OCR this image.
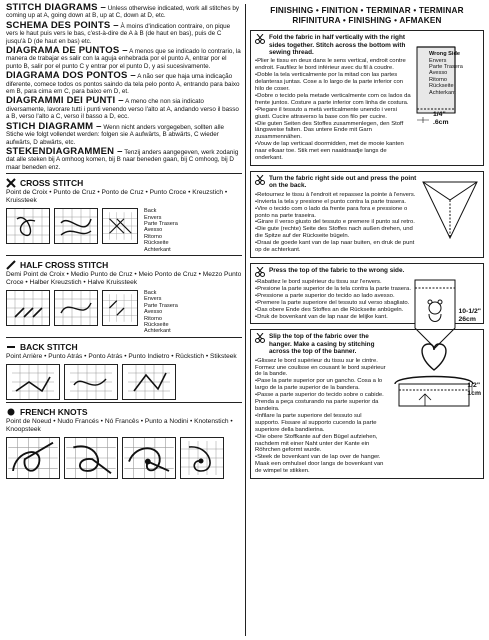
STITCH DIAGRAMS – Unless otherwise indicated, work all stitches by coming up at A, going down at B, up at C, down at D, etc.
SCHEMA DES POINTS – À moins d'indication contraire, on pique vers le haut puis vers le bas, c'est-à-dire de A à B (de haut en bas), puis de C jusqu'à D (de haut en bas) etc.
DIAGRAMA DE PUNTOS – A menos que se indicado lo contrario, la manera de trabajar es salir con la aguja enhebrada por el punto A, entrar por el punto B, salir por el punto C y entrar por el punto D, y asi sucesivamente.
DIAGRAMA DOS PONTOS – A não ser que haja uma indicação diferente, comece todos os pontos saindo da tela pelo ponto A, entrando para baixo em B, para cima em C, para baixo em D, et.
DIAGRAMMI DEI PUNTI – A meno che non sia indicato diversamente, lavorare tutti i punti venendo verso l'alto at A, andando verso il basso a B, verso l'alto a C, verso il basso a D, ecc.
STICH DIAGRAMM – Wenn nicht anders vorgegeben, sollten alle Stiche wie folgt vollendet werden: folgen sie A aufwärts, B abwärts, C wieder aufwärts, D abwärts, etc.
STEKENDIAGRAMMEN – Tenzij anders aangegeven, werk zodanig dat alle steken bij A omhoog komen, bij B naar beneden gaan, bij C omhoog, bij D maar beneden enz.
CROSS STITCH
Point de Croix • Punto de Cruz • Ponto de Cruz • Punto Croce • Kreuzstich • Kruissteek
Back
Envers
Parte Trasera
Avesso
Ritorno
Rückseite
Achterkant
HALF CROSS STITCH
Demi Point de Croix • Medio Punto de Cruz • Meio Ponto de Cruz • Mezzo Punto Croce • Halber Kreuzstich • Halve Kruissteek
Back
Envers
Parte Trasera
Avesso
Ritorno
Rückseite
Achterkant
BACK STITCH
Point Arrière • Punto Atrás • Ponto Atrás • Punto Indietro • Rückstich • Stiksteek
FRENCH KNOTS
Point de Noeud • Nudo Francés • Nó Francês • Punto a Nodini • Knotenstich • Knoopsteek
FINISHING • FINITION • TERMINAR • TERMINAR
RIFINITURA • FINISHING • AFMAKEN
Fold the fabric in half vertically with the right sides together. Stitch across the bottom with sewing thread.
• Plier le tissu en deux dans le sens vertical, endroit contre endroit. Faufilez le bord inférieur avec du fil à coudre.
• Doble la tela verticalmente por la mitad con las partes delanteras juntas. Cose a lo largo de la parte inferior con hilo de coser.
• Dobre o tecido pela metade verticalmente com os lados da frente juntos. Costure a parte inferior com linha de costura.
• Piegare il tessuto a metà verticalmente unendo i versi giusti. Cucire attraverso la base con filo per cucire.
• Die guten Seiten des Stoffes zusammenlegen, den Stoff längsweise falten. Das untere Ende mit Garn zusammennähen.
• Vouw de lap verticaal doormidden, met de mooie kanten naar elkaar toe. Stik met een naaidraadje langs de onderkant.
Wrong Side
Envers
Parte Trasera
Avesso
Ritorno
Rückseite
Achterkant
1/4"
.6cm
Turn the fabric right side out and press the point on the back.
• Retournez le tissu à l'endroit et repassez la pointe à l'envers.
• Invierta la tela y presione el punto contra la parte trasera.
• Vire o tecido com o lado da frente para fora e pressione o ponto na parte traseira.
• Girare il verso giusto del tessuto e premere il punto sul retro.
• Die gute (rechte) Seite des Stoffes nach außen drehen, und die Spitze auf der Rückseite bügeln.
• Draai de goede kant van de lap naar buiten, en druk de punt op de achterkant.
Press the top of the fabric to the wrong side.
• Rabattez le bord supérieur du tissu sur l'envers.
• Presione la parte superior de la tela contra la parte trasera.
• Pressione a parte superior do tecido ao lado avesso.
• Premere la parte superiore del tessuto sul verso sbagliato.
• Das obere Ende des Stoffes an die Rückseite anbügeln.
• Druk de bovenkant van de lap naar de lelijke kant.
10-1/2"
26cm
Slip the top of the fabric over the hanger. Make a casing by stitching across the top of the banner.
• Glissez le bord supérieur du tissu sur le cintre. Formez une coulisse en cousant le bord supérieur de la bande.
• Pase la parte superior por un gancho. Cosa a lo largo de la parte superior de la bandera.
• Passe a parte superior do tecido sobre o cabide. Prenda a peça costurando na parte superior da bandeira.
• Infilare la parte superiore del tessuto sul supporto. Fissare al supporto cucendo la parte superiore della bandierina.
• Die obere Stoffkante auf den Bügel aufziehen, nachdem mit einer Naht unter der Kante ein Röhrchen geformt wurde.
• Steek de bovenkant van de lap over de hanger. Maak een omhulsel door langs de bovenkant van de wimpel te stikken.
1/2"
1cm
